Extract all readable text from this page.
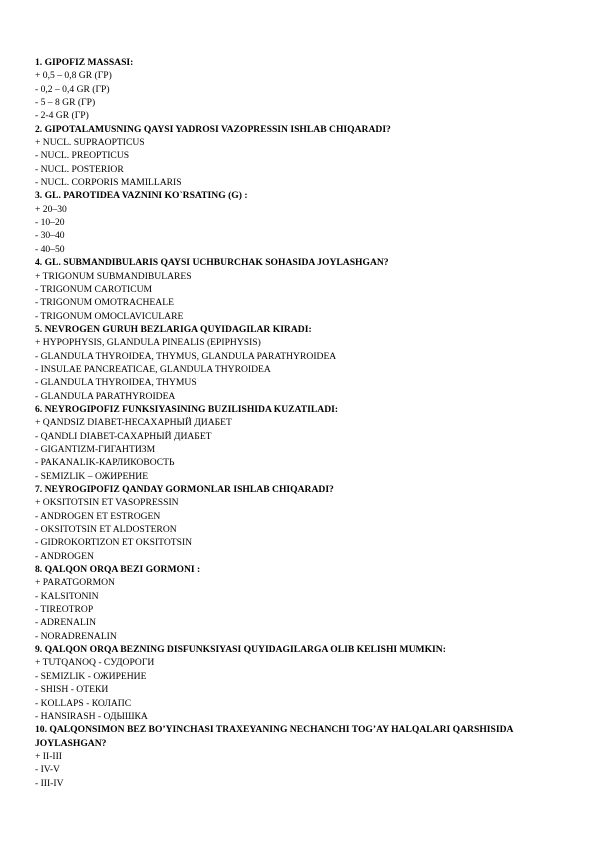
1. GIPOFIZ MASSASI:

+ 0,5 – 0,8 GR (ГР)

- 0,2 – 0,4 GR (ГР)

- 5 – 8 GR (ГР)

- 2-4 GR (ГР)

2. GIPOTALAMUSNING QAYSI YADROSI VAZOPRESSIN ISHLAB CHIQARADI?

+ NUCL. SUPRAOPTICUS

- NUCL. PREOPTICUS

- NUCL. POSTERIOR

- NUCL. CORPORIS MAMILLARIS

3. GL. PAROTIDEA VAZNINI KO`RSATING (G) :

+ 20–30

- 10–20

- 30–40

- 40–50

4. GL. SUBMANDIBULARIS QAYSI UCHBURCHAK SOHASIDA JOYLASHGAN?

+ TRIGONUM SUBMANDIBULARES

- TRIGONUM CAROTICUM

- TRIGONUM OMOTRACHEALE

- TRIGONUM OMOCLAVICULARE

5. NEVROGEN GURUH BEZLARIGA QUYIDAGILAR KIRADI:

+ HYPOPHYSIS, GLANDULA PINEALIS (EPIPHYSIS)

- GLANDULA THYROIDEA, THYMUS, GLANDULA PARATHYROIDEA

- INSULAE PANCREATICAE, GLANDULA THYROIDEA

- GLANDULA THYROIDEA, THYMUS

- GLANDULA PARATHYROIDEA

6. NEYROGIPOFIZ FUNKSIYASINING BUZILISHIDA KUZATILADI:

+ QANDSIZ DIABET-НЕСАХАРНЫЙ ДИАБЕТ

- QANDLI DIABET-САХАРНЫЙ ДИАБЕТ

- GIGANTIZM-ГИГАНТИЗМ

- PAKANALIK-КАРЛИКОВОСТЬ

- SEMIZLIK – ОЖИРЕНИЕ

7. NEYROGIPOFIZ QANDAY GORMONLAR ISHLAB CHIQARADI?

+ OKSITOTSIN ET VASOPRESSIN

- ANDROGEN ET ESTROGEN

- OKSITOTSIN ET ALDOSTERON

- GIDROKORTIZON ET OKSITOTSIN

- ANDROGEN

8. QALQON ORQA BEZI GORMONI :

+ PARATGORMON

- KALSITONIN

- TIREOTROP

- ADRENALIN

- NORADRENALIN

9. QALQON ORQA BEZNING DISFUNKSIYASI QUYIDAGILARGA OLIB KELISHI MUMKIN:

+ TUTQANOQ - СУДОРОГИ

- SEMIZLIK - ОЖИРЕНИЕ

- SHISH - ОТЕКИ

- KOLLAPS - КОЛАПС

- HANSIRASH - ОДЫШКА

10. QALQONSIMON BEZ BO’YINCHASI TRAXEYANING NECHANCHI TOG’AY HALQALARI QARSHISIDA JOYLASHGAN?

+ II-III

- IV-V

- III-IV
